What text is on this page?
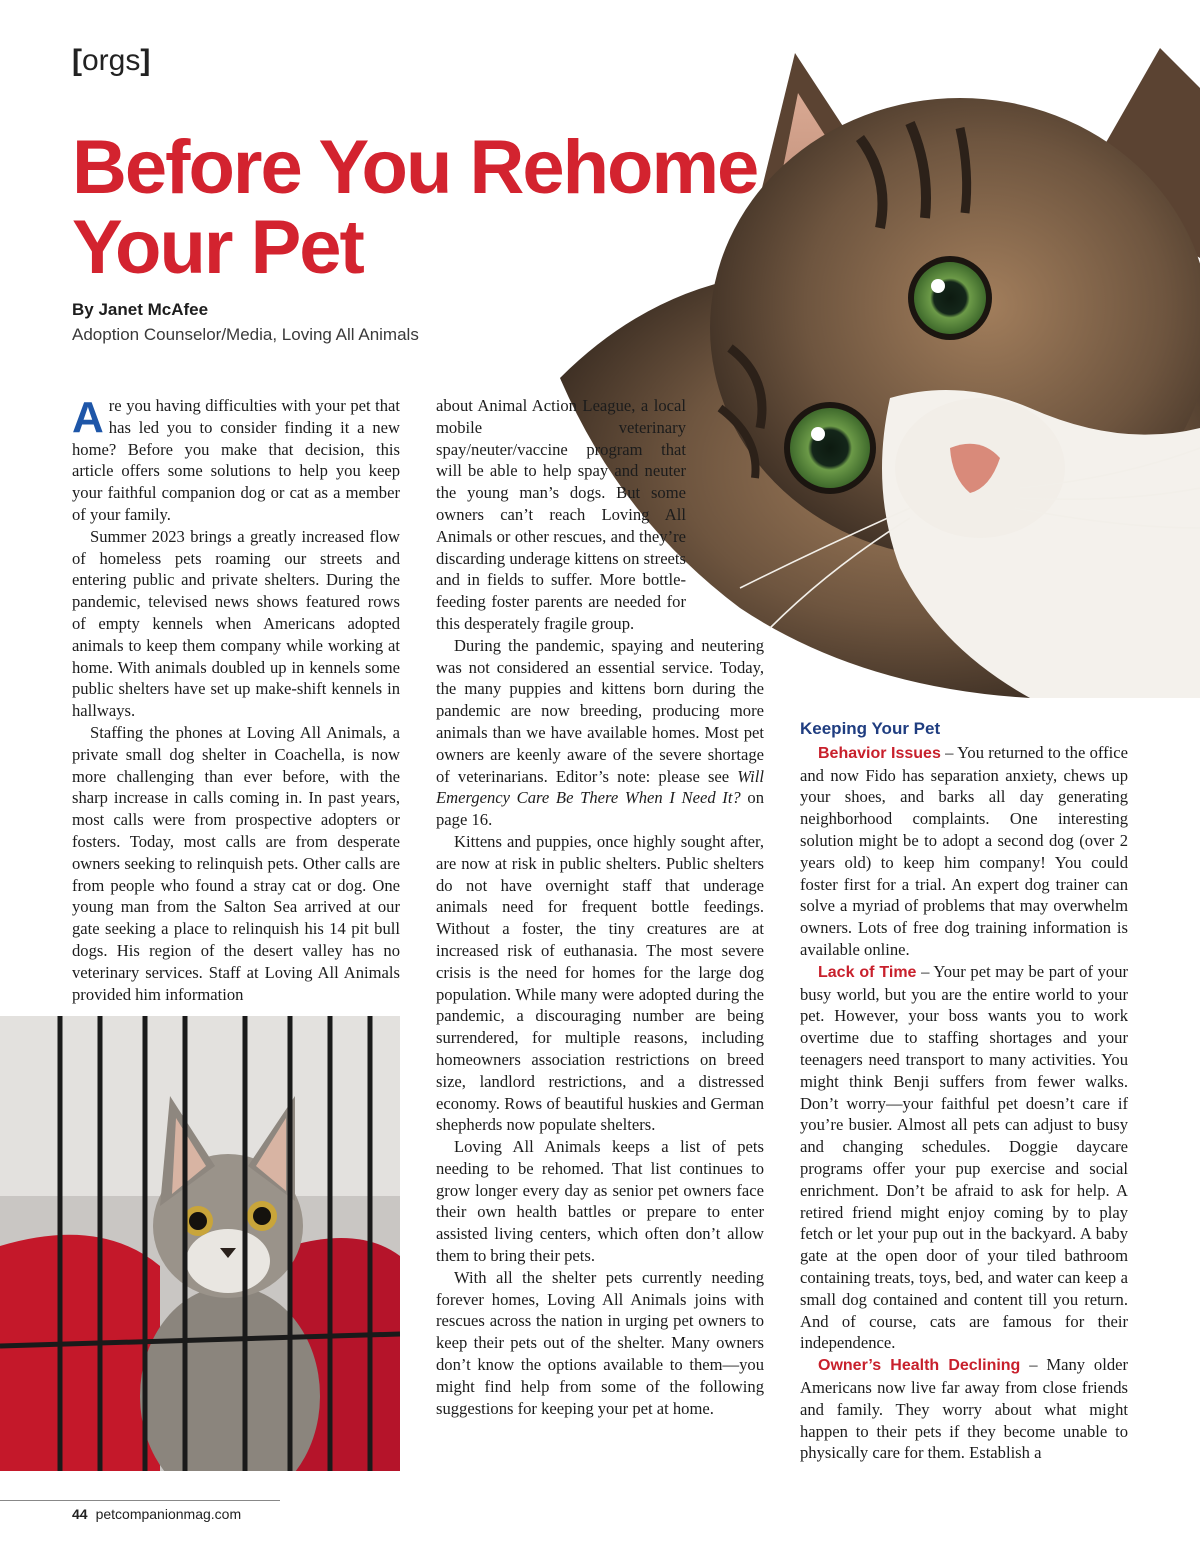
[orgs]
Before You Rehome Your Pet
By Janet McAfee
Adoption Counselor/Media, Loving All Animals

Are you having difficulties with your pet that has led you to consider finding it a new home? Before you make that decision, this article offers some solutions to help you keep your faithful companion dog or cat as a member of your family.

Summer 2023 brings a greatly increased flow of homeless pets roaming our streets and entering public and private shelters. During the pandemic, televised news shows featured rows of empty kennels when Americans adopted animals to keep them company while working at home. With animals doubled up in kennels some public shelters have set up make-shift kennels in hallways.

Staffing the phones at Loving All Animals, a private small dog shelter in Coachella, is now more challenging than ever before, with the sharp increase in calls coming in. In past years, most calls were from prospective adopters or fosters. Today, most calls are from desperate owners seeking to relinquish pets. Other calls are from people who found a stray cat or dog. One young man from the Salton Sea arrived at our gate seeking a place to relinquish his 14 pit bull dogs. His region of the desert valley has no veterinary services. Staff at Loving All Animals provided him information

about Animal Action League, a local mobile veterinary spay/neuter/vaccine program that will be able to help spay and neuter the young man’s dogs. But some owners can’t reach Loving All Animals or other rescues, and they’re discarding underage kittens on streets and in fields to suffer. More bottle-feeding foster parents are needed for this desperately fragile group.

During the pandemic, spaying and neutering was not considered an essential service. Today, the many puppies and kittens born during the pandemic are now breeding, producing more animals than we have available homes. Most pet owners are keenly aware of the severe shortage of veterinarians. Editor’s note: please see Will Emergency Care Be There When I Need It? on page 16.

Kittens and puppies, once highly sought after, are now at risk in public shelters. Public shelters do not have overnight staff that underage animals need for frequent bottle feedings. Without a foster, the tiny creatures are at increased risk of euthanasia. The most severe crisis is the need for homes for the large dog population. While many were adopted during the pandemic, a discouraging number are being surrendered, for multiple reasons, including homeowners association restrictions on breed size, landlord restrictions, and a distressed economy. Rows of beautiful huskies and German shepherds now populate shelters.

Loving All Animals keeps a list of pets needing to be rehomed. That list continues to grow longer every day as senior pet owners face their own health battles or prepare to enter assisted living centers, which often don’t allow them to bring their pets.

With all the shelter pets currently needing forever homes, Loving All Animals joins with rescues across the nation in urging pet owners to keep their pets out of the shelter. Many owners don’t know the options available to them—you might find help from some of the following suggestions for keeping your pet at home.

Keeping Your Pet

Behavior Issues – You returned to the office and now Fido has separation anxiety, chews up your shoes, and barks all day generating neighborhood complaints. One interesting solution might be to adopt a second dog (over 2 years old) to keep him company! You could foster first for a trial. An expert dog trainer can solve a myriad of problems that may overwhelm owners. Lots of free dog training information is available online.

Lack of Time – Your pet may be part of your busy world, but you are the entire world to your pet. However, your boss wants you to work overtime due to staffing shortages and your teenagers need transport to many activities. You might think Benji suffers from fewer walks. Don’t worry—your faithful pet doesn’t care if you’re busier. Almost all pets can adjust to busy and changing schedules. Doggie daycare programs offer your pup exercise and social enrichment. Don’t be afraid to ask for help. A retired friend might enjoy coming by to play fetch or let your pup out in the backyard. A baby gate at the open door of your tiled bathroom containing treats, toys, bed, and water can keep a small dog contained and content till you return. And of course, cats are famous for their independence.

Owner’s Health Declining – Many older Americans now live far away from close friends and family. They worry about what might happen to their pets if they become unable to physically care for them. Establish a

44 petcompanionmag.com
